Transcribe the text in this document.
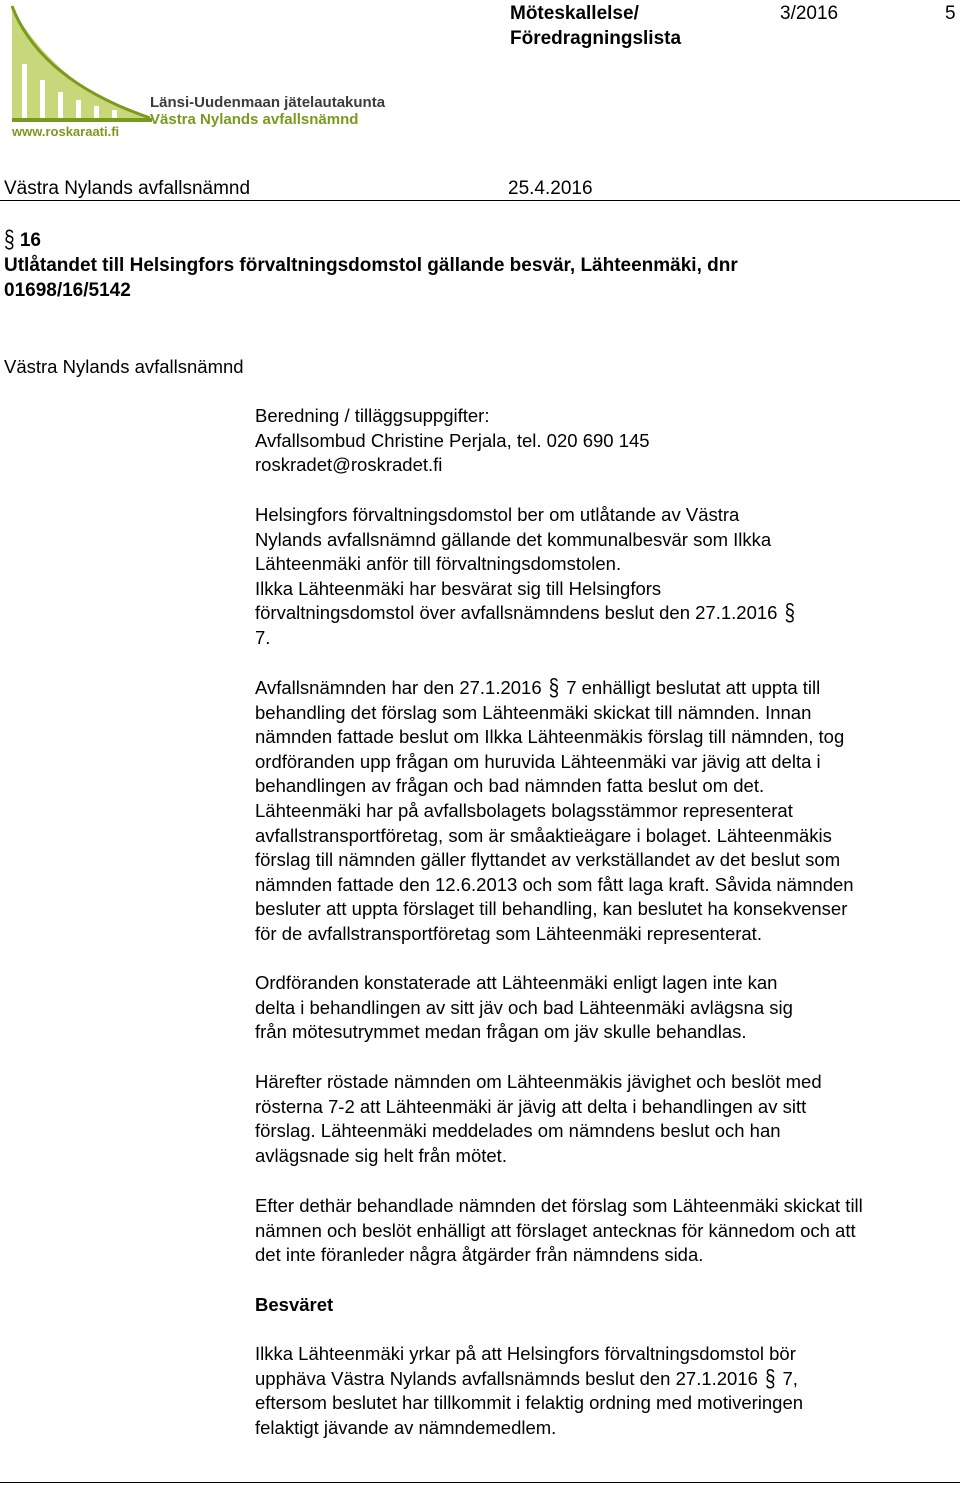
Länsi-Uudenmaan jätelautakunta
Västra Nylands avfallsnämnd
www.roskaraati.fi
Möteskallelse/
Föredragningslista
3/2016	5
Västra Nylands avfallsnämnd	25.4.2016
§ 16
Utlåtandet till Helsingfors förvaltningsdomstol gällande besvär, Lähteenmäki, dnr
01698/16/5142
Västra Nylands avfallsnämnd

Beredning / tilläggsuppgifter:

Avfallsombud Christine Perjala, tel. 020 690 145

roskradet@roskradet.fi

Helsingfors förvaltningsdomstol ber om utlåtande av Västra

Nylands avfallsnämnd gällande det kommunalbesvär som Ilkka

Lähteenmäki anför till förvaltningsdomstolen.

Ilkka Lähteenmäki har besvärat sig till Helsingfors

förvaltningsdomstol över avfallsnämndens beslut den 27.1.2016 §

7.

Avfallsnämnden har den 27.1.2016 § 7 enhälligt beslutat att uppta till

behandling det förslag som Lähteenmäki skickat till nämnden. Innan

nämnden fattade beslut om Ilkka Lähteenmäkis förslag till nämnden, tog

ordföranden upp frågan om huruvida Lähteenmäki var jävig att delta i

behandlingen av frågan och bad nämnden fatta beslut om det.

Lähteenmäki har på avfallsbolagets bolagsstämmor representerat

avfallstransportföretag, som är småaktieägare i bolaget. Lähteenmäkis

förslag till nämnden gäller flyttandet av verkställandet av det beslut som

nämnden fattade den 12.6.2013 och som fått laga kraft. Såvida nämnden

besluter att uppta förslaget till behandling, kan beslutet ha konsekvenser

för de avfallstransportföretag som Lähteenmäki representerat.

Ordföranden konstaterade att Lähteenmäki enligt lagen inte kan

delta i behandlingen av sitt jäv och bad Lähteenmäki avlägsna sig

från mötesutrymmet medan frågan om jäv skulle behandlas.

Härefter röstade nämnden om Lähteenmäkis jävighet och beslöt med

rösterna 7-2 att Lähteenmäki är jävig att delta i behandlingen av sitt

förslag. Lähteenmäki meddelades om nämndens beslut och han

avlägsnade sig helt från mötet.

Efter dethär behandlade nämnden det förslag som Lähteenmäki skickat till

nämnen och beslöt enhälligt att förslaget antecknas för kännedom och att

det inte föranleder några åtgärder från nämndens sida.

Besväret

Ilkka Lähteenmäki yrkar på att Helsingfors förvaltningsdomstol bör

upphäva Västra Nylands avfallsnämnds beslut den 27.1.2016 § 7,

eftersom beslutet har tillkommit i felaktig ordning med motiveringen

felaktigt jävande av nämndemedlem.
